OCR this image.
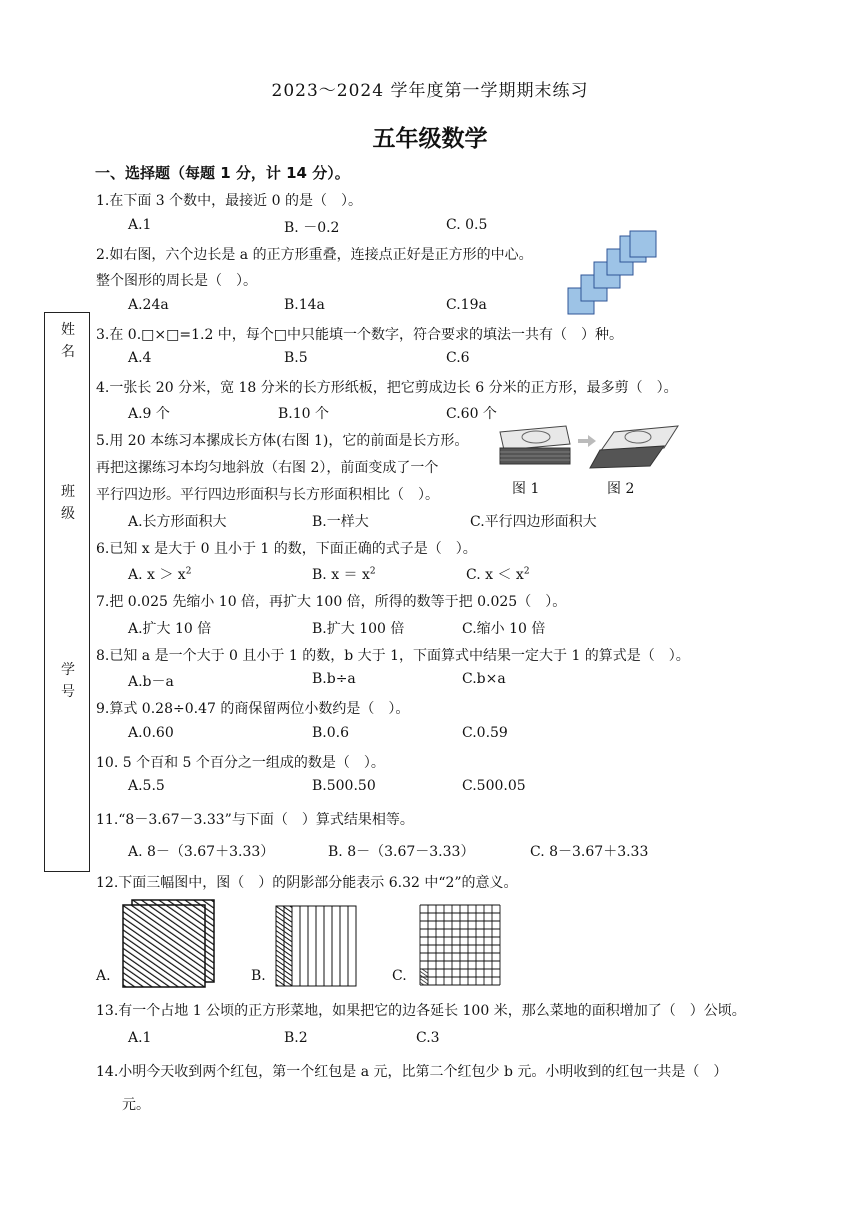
2023～2024 学年度第一学期期末练习
五年级数学
姓
名
班
级
学
号
一、选择题（每题 1 分，计 14 分）。
1.在下面 3 个数中，最接近 0 的是（　）。
A.1	B. －0.2	C. 0.5
2.如右图，六个边长是 a 的正方形重叠，连接点正好是正方形的中心。
整个图形的周长是（　）。
A.24a	B.14a	C.19a
3.在 0.□×□=1.2 中，每个□中只能填一个数字，符合要求的填法一共有（　）种。
A.4	B.5	C.6
4.一张长 20 分米，宽 18 分米的长方形纸板，把它剪成边长 6 分米的正方形，最多剪（　）。
A.9 个	B.10 个	C.60 个
5.用 20 本练习本摞成长方体(右图 1)，它的前面是长方形。
再把这摞练习本均匀地斜放（右图 2），前面变成了一个
平行四边形。平行四边形面积与长方形面积相比（　）。
A.长方形面积大	B.一样大	C.平行四边形面积大
图 1	图 2
6.已知 x 是大于 0 且小于 1 的数，下面正确的式子是（　）。
A. $x > x^2$	B. $x = x^2$	C. $x < x^2$
7.把 0.025 先缩小 10 倍，再扩大 100 倍，所得的数等于把 0.025（　）。
A.扩大 10 倍	B.扩大 100 倍	C.缩小 10 倍
8.已知 a 是一个大于 0 且小于 1 的数，b 大于 1，下面算式中结果一定大于 1 的算式是（　）。
A.b－a	B.b÷a	C.b×a
9.算式 0.28÷0.47 的商保留两位小数约是（　）。
A.0.60	B.0.6	C.0.59
10. 5 个百和 5 个百分之一组成的数是（　）。
A.5.5	B.500.50	C.500.05
11.“8－3.67－3.33”与下面（　）算式结果相等。
A. 8－（3.67＋3.33）	B. 8－（3.67－3.33）	C. 8－3.67＋3.33
12.下面三幅图中，图（　）的阴影部分能表示 6.32 中“2”的意义。
A.	B.	C.
13.有一个占地 1 公顷的正方形菜地，如果把它的边各延长 100 米，那么菜地的面积增加了（　）公顷。
A.1	B.2	C.3
14.小明今天收到两个红包，第一个红包是 a 元，比第二个红包少 b 元。小明收到的红包一共是（　）
元。
